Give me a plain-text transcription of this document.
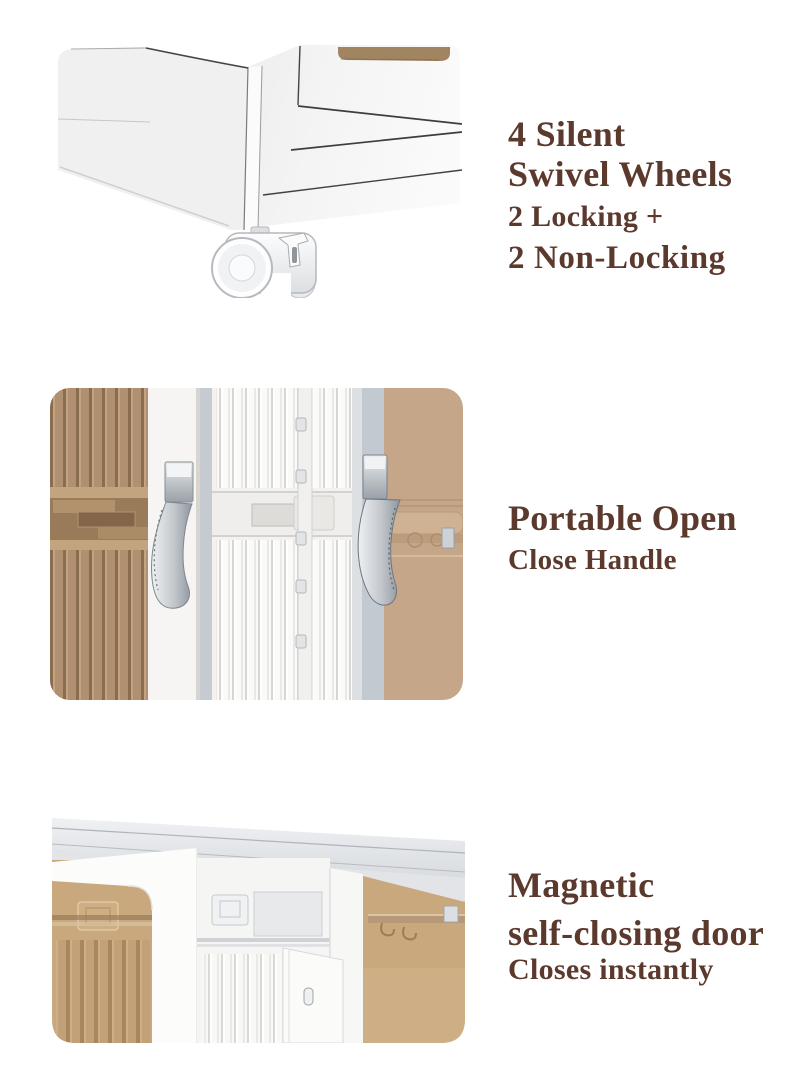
4 Silent
Swivel Wheels
2 Locking +
2 Non-Locking
Portable Open
Close Handle
Magnetic
self-closing door
Closes instantly
